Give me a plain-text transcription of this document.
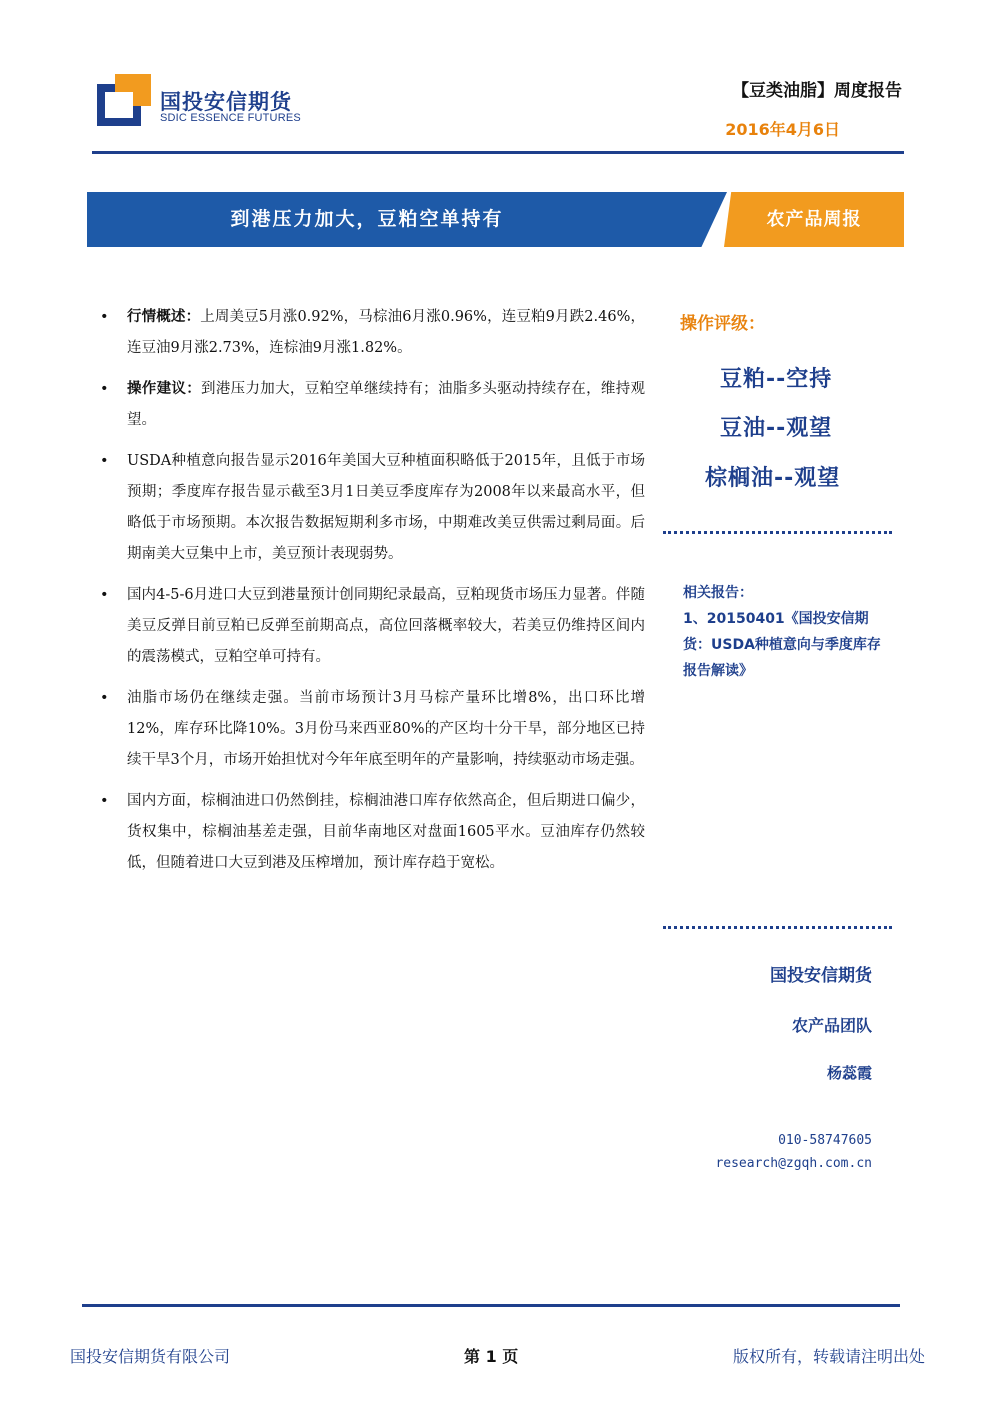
国投安信期货
SDIC ESSENCE FUTURES
【豆类油脂】周度报告
2016年4月6日
到港压力加大，豆粕空单持有	农产品周报
• 行情概述：上周美豆5月涨0.92%，马棕油6月涨0.96%，连豆粕9月跌2.46%，连豆油9月涨2.73%，连棕油9月涨1.82%。
• 操作建议：到港压力加大，豆粕空单继续持有；油脂多头驱动持续存在，维持观望。
• USDA种植意向报告显示2016年美国大豆种植面积略低于2015年，且低于市场预期；季度库存报告显示截至3月1日美豆季度库存为2008年以来最高水平，但略低于市场预期。本次报告数据短期利多市场，中期难改美豆供需过剩局面。后期南美大豆集中上市，美豆预计表现弱势。
• 国内4-5-6月进口大豆到港量预计创同期纪录最高，豆粕现货市场压力显著。伴随美豆反弹目前豆粕已反弹至前期高点，高位回落概率较大，若美豆仍维持区间内的震荡模式，豆粕空单可持有。
• 油脂市场仍在继续走强。当前市场预计3月马棕产量环比增8%，出口环比增12%，库存环比降10%。3月份马来西亚80%的产区均十分干旱，部分地区已持续干旱3个月，市场开始担忧对今年年底至明年的产量影响，持续驱动市场走强。
• 国内方面，棕榈油进口仍然倒挂，棕榈油港口库存依然高企，但后期进口偏少，货权集中，棕榈油基差走强，目前华南地区对盘面1605平水。豆油库存仍然较低，但随着进口大豆到港及压榨增加，预计库存趋于宽松。
操作评级：
豆粕--空持
豆油--观望
棕榈油--观望
相关报告：
1、20150401《国投安信期货：USDA种植意向与季度库存报告解读》
国投安信期货
农产品团队
杨蕊霞
010-58747605
research@zgqh.com.cn
国投安信期货有限公司	第 1 页	版权所有，转载请注明出处
